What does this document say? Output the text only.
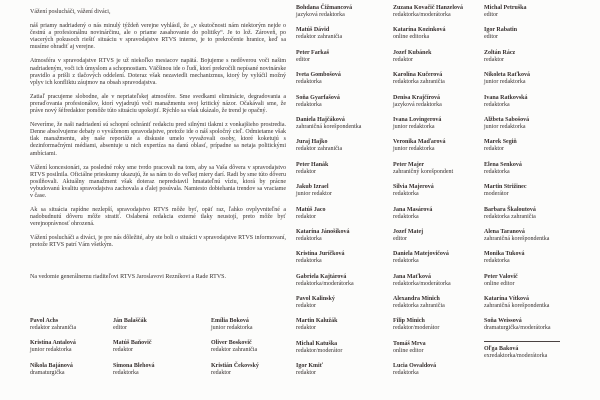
Vážení poslucháči, vážení diváci,

náš priamy nadriadený o nás minulý týždeň verejne vyhlásil, že „v skutočnosti nám niektorým nejde o čestnú a profesionálnu novinárčinu, ale o priame zasahovanie do politiky“. Je to lož. Zároveň, po viacerých pokusoch riešiť situáciu v spravodajstve RTVS interne, je to prekročenie hranice, keď sa musíme ohradiť aj verejne.

Atmosféra v spravodajstve RTVS je už niekoľko mesiacov napätá. Bojujeme s nedôverou voči našim nadriadeným, voči ich úmyslom a schopnostiam. Väčšinou ide o ľudí, ktorí prekročili nepísané novinárske pravidlo a prišli z tlačových oddelení. Doteraz však nezaviedli mechanizmus, ktorý by vylúčil možný vplyv ich konfliktu záujmov na obsah spravodajstva.

Zatiaľ pracujeme slobodne, ale v nepriateľskej atmosfére. Sme svedkami eliminácie, degradovania a preraďovania profesionálov, ktorí vyjadrujú voči manažmentu svoj kritický názor. Očakávali sme, že práve nový šéfredaktor pomôže túto situáciu upokojiť. Rýchlo sa však ukázalo, že trend je opačný.

Neveríme, že naši nadriadení sú schopní ochrániť redakciu pred silnými tlakmi z vonkajšieho prostredia. Denne absolvujeme debaty o vyváženom spravodajstve, pretože ide o náš spoločný cieľ. Odmietame však tlak manažmentu, aby naše reportáže a diskusie umelo vyvažovali osoby, ktoré koketujú s dezinformačnými médiami, absentuje u nich expertíza na danú oblasť, prípadne sa netaja politickými ambíciami.

Vážení koncesionári, za posledné roky sme tvrdo pracovali na tom, aby sa Vaša dôvera v spravodajstvo RTVS posilnila. Oficiálne prieskumy ukazujú, že sa nám to do veľkej miery darí. Radi by sme túto dôveru posilňovali. Aktuálny manažment však doteraz nepredstavil hmatateľnú víziu, ktorá by prácne vybudovanú kvalitu spravodajstva zachovala a ďalej posúvala. Namiesto dobiehania trendov sa vraciame v čase.

Ak sa situácia rapídne nezlepší, spravodajstvo RTVS môže byť, opäť raz, ľahko ovplyvniteľné a nadobudnutú dôveru môže stratiť. Oslabená redakcia externé tlaky neustojí, preto môže byť verejnoprávnosť ohrozená.

Vážení poslucháči a diváci, je pre nás dôležité, aby ste boli o situácii v spravodajstve RTVS informovaní, pretože RTVS patrí Vám všetkým.

Na vedomie generálnemu riaditeľovi RTVS Jaroslavovi Rezníkovi a Rade RTVS.

Pavol Achs
redaktor zahraničia
Kristína Antalová
junior redaktorka
Nikola Bajánová
dramaturgička
Ján Balaščák
editor
Matúš Baňovič
redaktor
Simona Blehová
redaktorka
Emília Boková
junior redaktorka
Oliver Boskovič
redaktor zahraničia
Kristián Čekovský
redaktor
Bohdana Čižmancová
jazyková redaktorka
Matúš Dávid
redaktor zahraničia
Peter Farkaš
editor
Iveta Gombošová
redaktorka
Soňa Gyarfašová
redaktorka
Daniela Hajčáková
zahraničná korešpondentka
Juraj Hajko
redaktor zahraničia
Peter Hanák
redaktor
Jakub Izrael
junior redaktor
Matúš Jaco
redaktor
Katarína Jánošíková
redaktorka
Kristína Juríčková
redaktorka
Gabriela Kajtárová
redaktorka/moderátorka
Pavol Kalinský
redaktor
Martin Kalužák
redaktor
Michal Katuška
redaktor/moderátor
Igor Kmiť
redaktor
Zuzana Kovačič Hanzelová
redaktorka/moderátorka
Katarína Kozinková
online editorka
Jozef Kubánek
redaktor
Karolína Kučerová
redaktorka zahraničia
Denisa Krajčírová
jazyková redaktorka
Ivana Lovingerová
junior redaktorka
Veronika Maďarová
junior redaktorka
Peter Majer
zahraničný korešpondent
Silvia Majerová
redaktorka
Jana Masárová
redaktorka
Jozef Matej
editor
Daniela Matejovičová
redaktorka
Jana Maťková
redaktorka/moderátorka
Alexandra Minich
redaktorka zahraničia
Filip Minich
redaktor/moderátor
Tomáš Mrva
online editor
Lucia Osvaldová
redaktorka
Michal Petruška
editor
Igor Rabatin
editor
Zoltán Rácz
redaktor
Nikoleta Raťková
junior redaktorka
Ivana Ratkovská
redaktorka
Alžbeta Sabošová
junior redaktorka
Marek Segiň
redaktor
Elena Senková
redaktorka
Martin Strižinec
moderátor
Barbara Škaloutová
redaktorka zahraničia
Alena Taranová
zahraničná korešpondentka
Monika Tuková
redaktorka
Peter Valovič
online editor
Katarína Vítková
zahraničná korešpondentka
Soňa Weissová
dramaturgička/moderátorka
Oľga Baková
exredaktorka/moderátorka
